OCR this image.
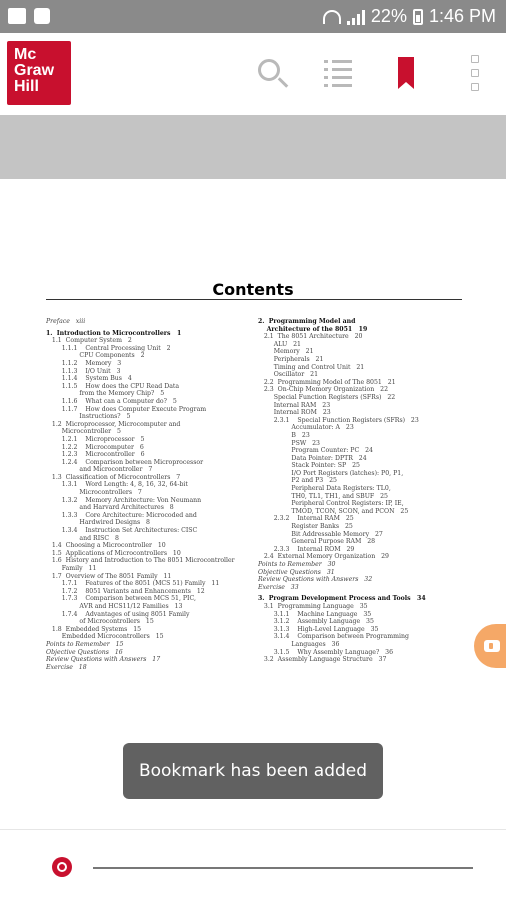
22% 1:46 PM
Mc
Graw
Hill
Contents
Preface   xiii
1.  Introduction to Microcontrollers   1
1.1  Computer System   2
1.1.1    Central Processing Unit   2
CPU Components   2
1.1.2    Memory   3
1.1.3    I/O Unit   3
1.1.4    System Bus   4
1.1.5    How does the CPU Read Data
from the Memory Chip?   5
1.1.6    What can a Computer do?   5
1.1.7    How does Computer Execute Program
Instructions?   5
1.2  Microprocessor, Microcomputer and
Microcontroller   5
1.2.1    Microprocessor   5
1.2.2    Microcomputer   6
1.2.3    Microcontroller   6
1.2.4    Comparison between Microprocessor
and Microcontroller   7
1.3  Classification of Microcontrollers   7
1.3.1    Word Length: 4, 8, 16, 32, 64-bit
Microcontrollers   7
1.3.2    Memory Architecture: Von Neumann
and Harvard Architectures   8
1.3.3    Core Architecture: Microcoded and
Hardwired Designs   8
1.3.4    Instruction Set Architectures: CISC
and RISC   8
1.4  Choosing a Microcontroller   10
1.5  Applications of Microcontrollers   10
1.6  History and Introduction to The 8051 Microcontroller
Family   11
1.7  Overview of The 8051 Family   11
1.7.1    Features of the 8051 (MCS 51) Family   11
1.7.2    8051 Variants and Enhancements   12
1.7.3    Comparison between MCS 51, PIC,
AVR and HCS11/12 Families   13
1.7.4    Advantages of using 8051 Family
of Microcontrollers   15
1.8  Embedded Systems   15
Embedded Microcontrollers   15
Points to Remember   15
Objective Questions   16
Review Questions with Answers   17
Exercise   18
2.  Programming Model and
Architecture of the 8051   19
2.1  The 8051 Architecture   20
ALU   21
Memory   21
Peripherals   21
Timing and Control Unit   21
Oscillator   21
2.2  Programming Model of The 8051   21
2.3  On-Chip Memory Organization   22
Special Function Registers (SFRs)   22
Internal RAM   23
Internal ROM   23
2.3.1    Special Function Registers (SFRs)   23
Accumulator: A   23
B   23
PSW   23
Program Counter: PC   24
Data Pointer: DPTR   24
Stack Pointer: SP   25
I/O Port Registers (latches): P0, P1,
P2 and P3   25
Peripheral Data Registers: TL0,
TH0, TL1, TH1, and SBUF   25
Peripheral Control Registers: IP, IE,
TMOD, TCON, SCON, and PCON   25
2.3.2    Internal RAM   25
Register Banks   25
Bit Addressable Memory   27
General Purpose RAM   28
2.3.3    Internal ROM   29
2.4  External Memory Organization   29
Points to Remember   30
Objective Questions   31
Review Questions with Answers   32
Exercise   33
3.  Program Development Process and Tools   34
3.1  Programming Language   35
3.1.1    Machine Language   35
3.1.2    Assembly Language   35
3.1.3    High-Level Language   35
3.1.4    Comparison between Programming
Languages   36
3.1.5    Why Assembly Language?   36
3.2  Assembly Language Structure   37
Bookmark has been added
